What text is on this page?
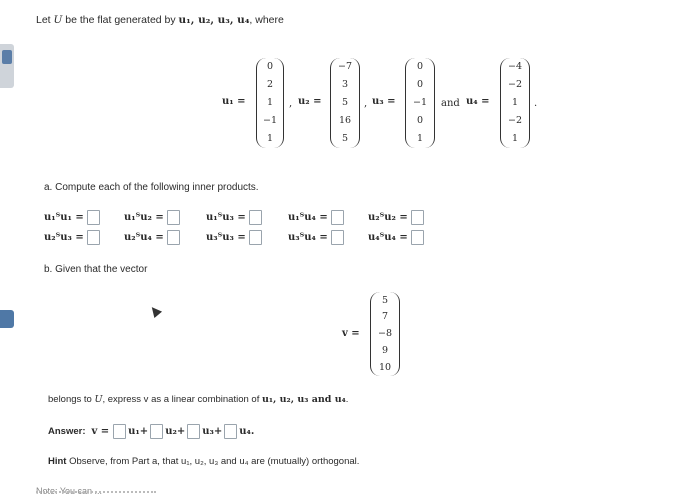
Let U be the flat generated by u₁, u₂, u₃, u₄, where
u₁ =
0
2
1
−1
1
, u₂ =
−7
3
5
16
5
, u₃ =
0
0
−1
0
1
and u₄ =
−4
−2
1
−2
1
.
a. Compute each of the following inner products.
u₁ᵀu₁ =	u₁ᵀu₂ =	u₁ᵀu₃ =	u₁ᵀu₄ =	u₂ᵀu₂ =
u₂ᵀu₃ =	u₂ᵀu₄ =	u₃ᵀu₃ =	u₃ᵀu₄ =	u₄ᵀu₄ =
b. Given that the vector
v =
5
7
−8
9
10
belongs to U, express v as a linear combination of u₁, u₂, u₃ and u₄.
Answer: v = u₁+ u₂+ u₃+ u₄.
Hint Observe, from Part a, that u₁, u₂, u₃ and u₄ are (mutually) orthogonal.
Note: You can ...
